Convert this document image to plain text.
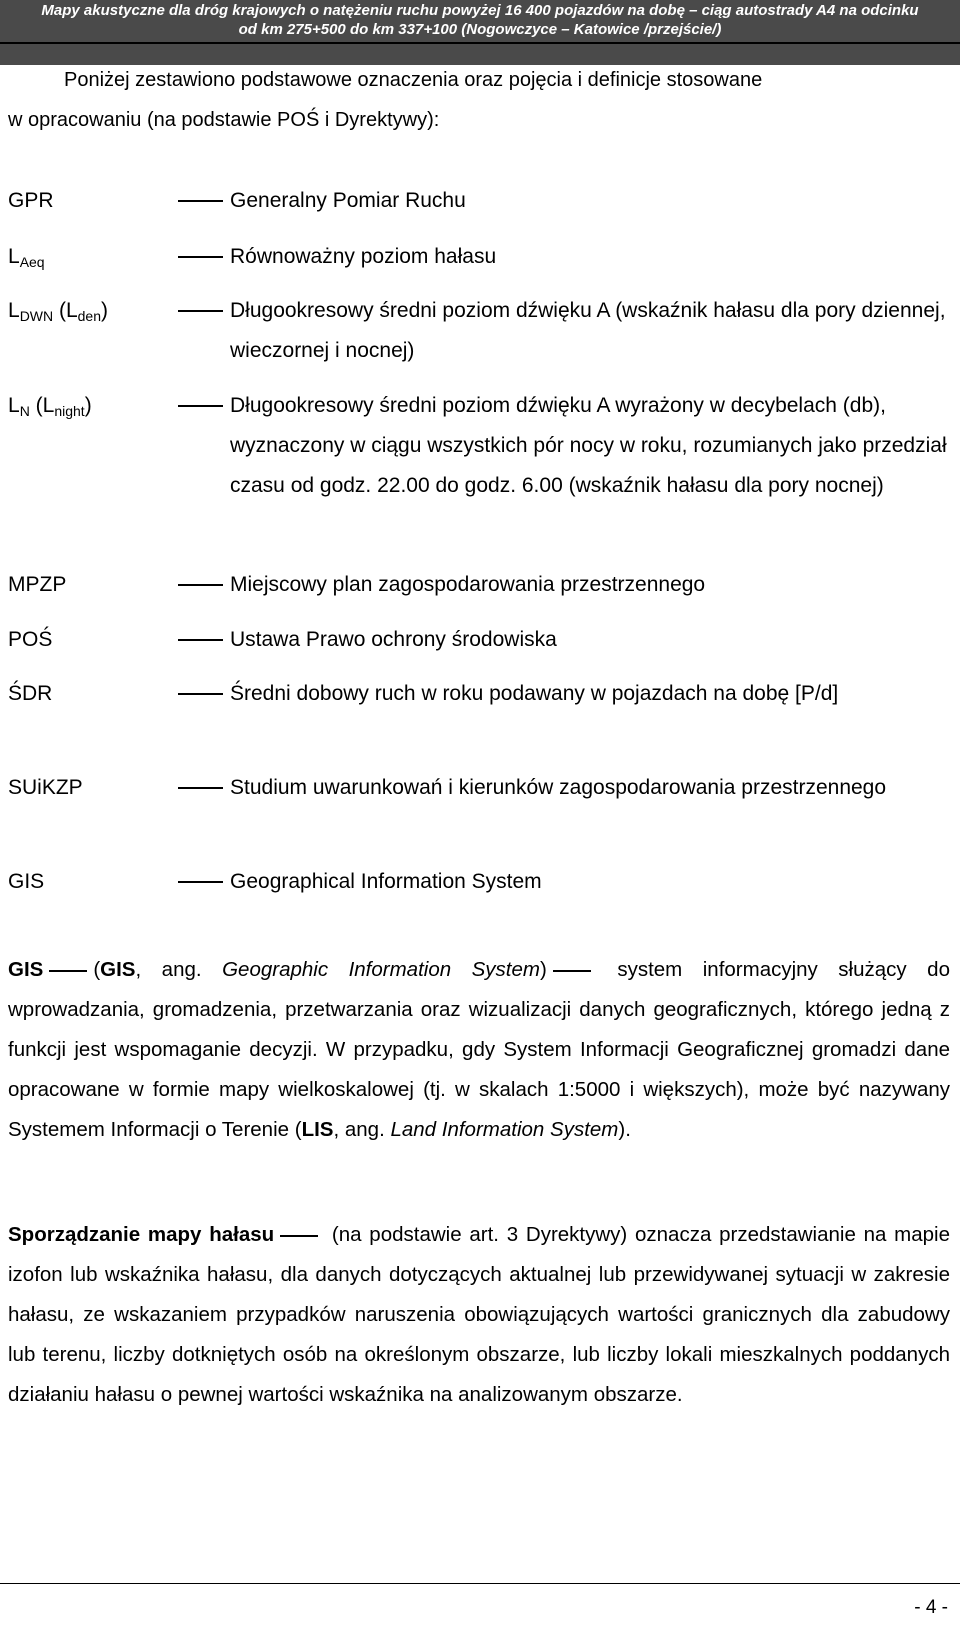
Mapy akustyczne dla dróg krajowych o natężeniu ruchu powyżej 16 400 pojazdów na dobę – ciąg autostrady A4 na odcinku
od km 275+500 do km 337+100 (Nogowczyce – Katowice /przejście/)
Poniżej zestawiono podstawowe oznaczenia oraz pojęcia i definicje stosowane
w opracowaniu (na podstawie POŚ i Dyrektywy):
GPR	Generalny Pomiar Ruchu
$L_{Aeq}$	Równoważny poziom hałasu
$L_{DWN}$ $(L_{den})$	Długookresowy średni poziom dźwięku A (wskaźnik hałasu dla pory dziennej, wieczornej i nocnej)
$L_N$ $(L_{night})$	Długookresowy średni poziom dźwięku A wyrażony w decybelach (db), wyznaczony w ciągu wszystkich pór nocy w roku, rozumianych jako przedział czasu od godz. 22.00 do godz. 6.00 (wskaźnik hałasu dla pory nocnej)
MPZP	Miejscowy plan zagospodarowania przestrzennego
POŚ	Ustawa Prawo ochrony środowiska
ŚDR	Średni dobowy ruch w roku podawany w pojazdach na dobę [P/d]
SUiKZP	Studium uwarunkowań i kierunków zagospodarowania przestrzennego
GIS	Geographical Information System
GIS (GIS, ang. Geographic Information System) system informacyjny służący do wprowadzania, gromadzenia, przetwarzania oraz wizualizacji danych geograficznych, którego jedną z funkcji jest wspomaganie decyzji. W przypadku, gdy System Informacji Geograficznej gromadzi dane opracowane w formie mapy wielkoskalowej (tj. w skalach 1:5000 i większych), może być nazywany Systemem Informacji o Terenie (LIS, ang. Land Information System).
Sporządzanie mapy hałasu (na podstawie art. 3 Dyrektywy) oznacza przedstawianie na mapie izofon lub wskaźnika hałasu, dla danych dotyczących aktualnej lub przewidywanej sytuacji w zakresie hałasu, ze wskazaniem przypadków naruszenia obowiązujących wartości granicznych dla zabudowy lub terenu, liczby dotkniętych osób na określonym obszarze, lub liczby lokali mieszkalnych poddanych działaniu hałasu o pewnej wartości wskaźnika na analizowanym obszarze.
- 4 -
